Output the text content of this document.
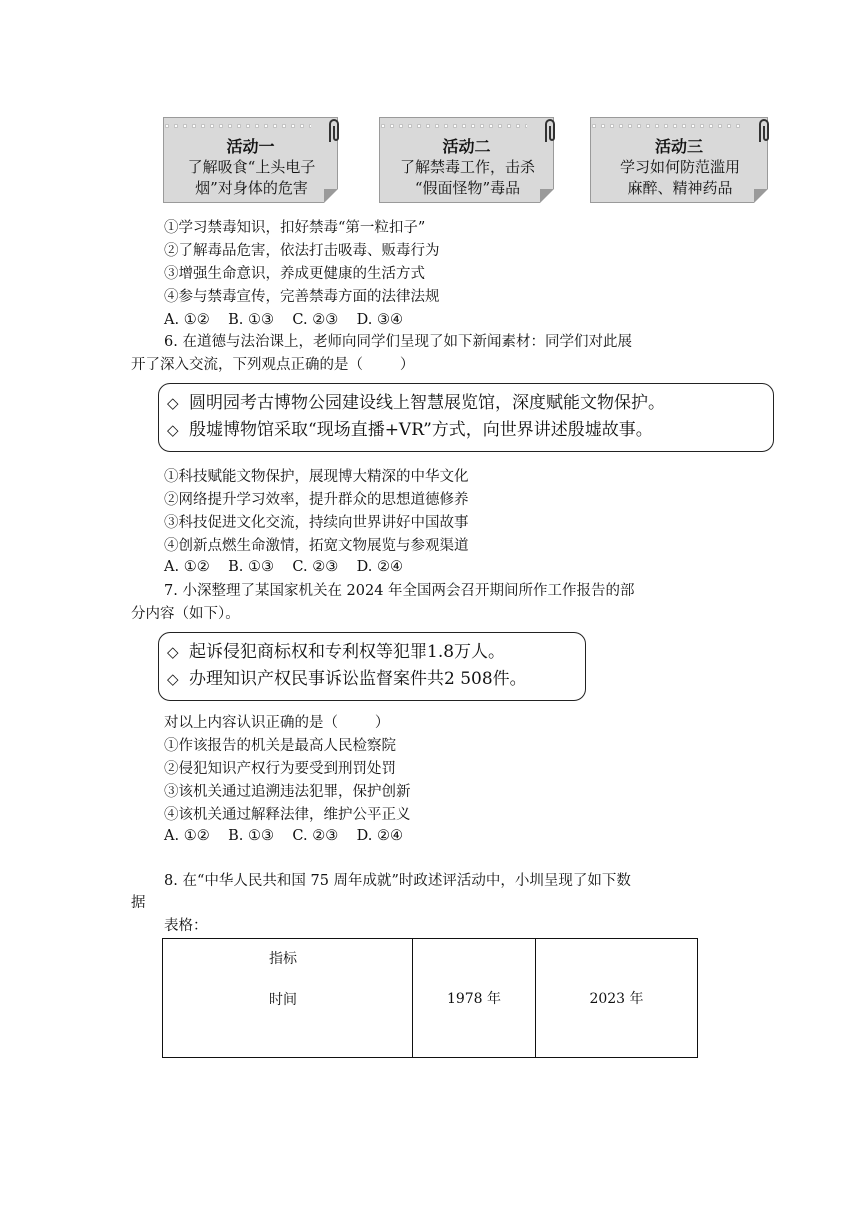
活动一
了解吸食“上头电子
烟”对身体的危害
活动二
了解禁毒工作，击杀
“假面怪物”毒品
活动三
学习如何防范滥用
麻醉、精神药品
①学习禁毒知识，扣好禁毒“第一粒扣子”
②了解毒品危害，依法打击吸毒、贩毒行为
③增强生命意识，养成更健康的生活方式
④参与禁毒宣传，完善禁毒方面的法律法规
A. ①②    B. ①③    C. ②③    D. ③④
6. 在道德与法治课上，老师向同学们呈现了如下新闻素材：同学们对此展
开了深入交流，下列观点正确的是（        ）
◇ 圆明园考古博物公园建设线上智慧展览馆，深度赋能文物保护。
◇ 殷墟博物馆采取“现场直播+VR”方式，向世界讲述殷墟故事。
①科技赋能文物保护，展现博大精深的中华文化
②网络提升学习效率，提升群众的思想道德修养
③科技促进文化交流，持续向世界讲好中国故事
④创新点燃生命激情，拓宽文物展览与参观渠道
A. ①②    B. ①③    C. ②③    D. ②④
7. 小深整理了某国家机关在 2024 年全国两会召开期间所作工作报告的部
分内容（如下）。
◇ 起诉侵犯商标权和专利权等犯罪1.8万人。
◇ 办理知识产权民事诉讼监督案件共2 508件。
对以上内容认识正确的是（        ）
①作该报告的机关是最高人民检察院
②侵犯知识产权行为要受到刑罚处罚
③该机关通过追溯违法犯罪，保护创新
④该机关通过解释法律，维护公平正义
A. ①②    B. ①③    C. ②③    D. ②④
8. 在“中华人民共和国 75 周年成就”时政述评活动中，小圳呈现了如下数
据
表格：
指标
时间	1978 年	2023 年
